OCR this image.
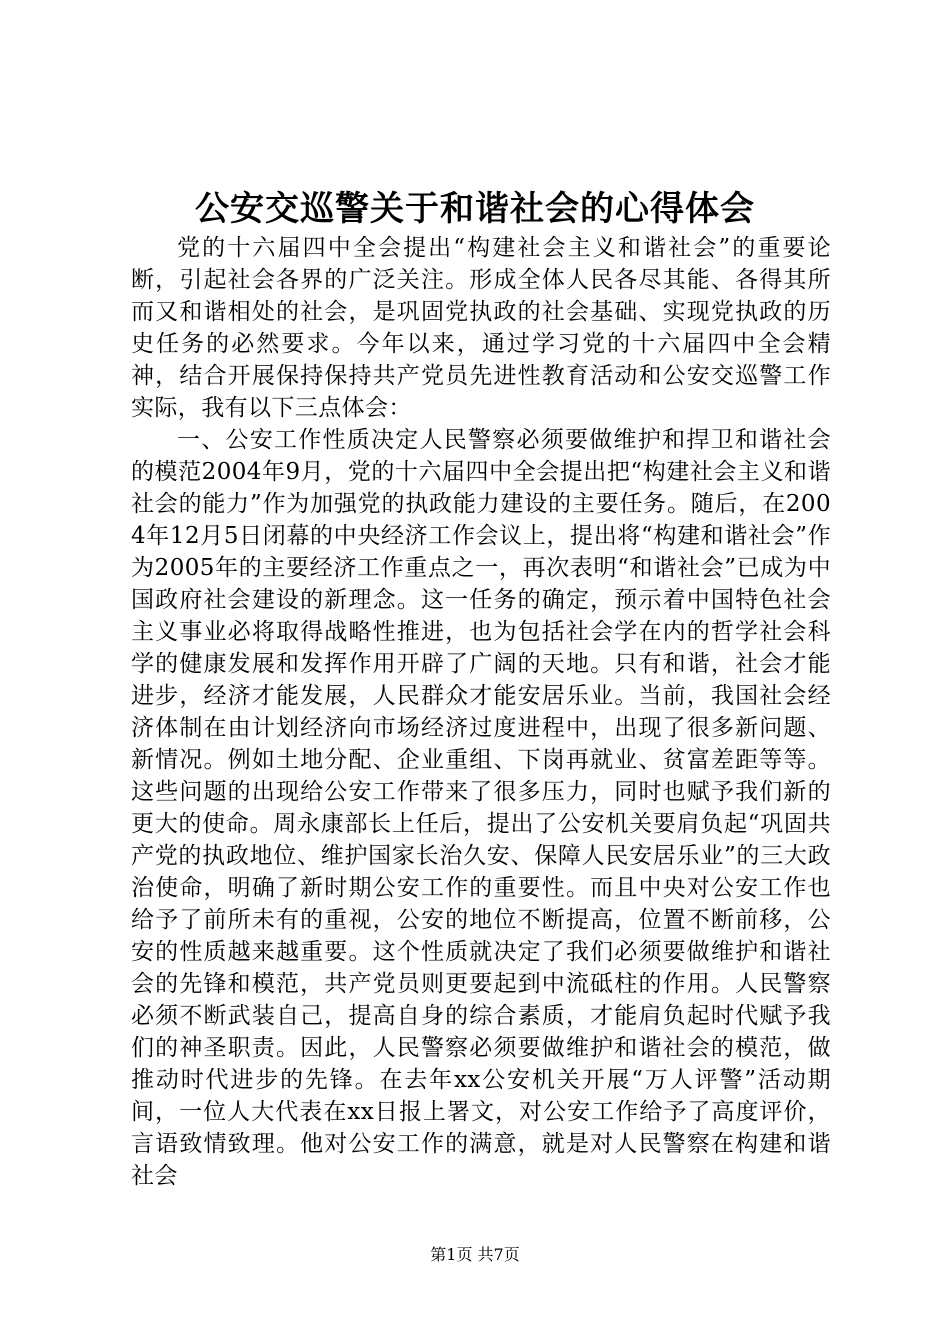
公安交巡警关于和谐社会的心得体会

党的十六届四中全会提出“构建社会主义和谐社会”的重要论断，引起社会各界的广泛关注。形成全体人民各尽其能、各得其所而又和谐相处的社会，是巩固党执政的社会基础、实现党执政的历史任务的必然要求。今年以来，通过学习党的十六届四中全会精神，结合开展保持保持共产党员先进性教育活动和公安交巡警工作实际，我有以下三点体会：

一、公安工作性质决定人民警察必须要做维护和捍卫和谐社会的模范2004年9月，党的十六届四中全会提出把“构建社会主义和谐社会的能力”作为加强党的执政能力建设的主要任务。随后，在2004年12月5日闭幕的中央经济工作会议上，提出将“构建和谐社会”作为2005年的主要经济工作重点之一，再次表明“和谐社会”已成为中国政府社会建设的新理念。这一任务的确定，预示着中国特色社会主义事业必将取得战略性推进，也为包括社会学在内的哲学社会科学的健康发展和发挥作用开辟了广阔的天地。只有和谐，社会才能进步，经济才能发展，人民群众才能安居乐业。当前，我国社会经济体制在由计划经济向市场经济过度进程中，出现了很多新问题、新情况。例如土地分配、企业重组、下岗再就业、贫富差距等等。这些问题的出现给公安工作带来了很多压力，同时也赋予我们新的更大的使命。周永康部长上任后，提出了公安机关要肩负起“巩固共产党的执政地位、维护国家长治久安、保障人民安居乐业”的三大政治使命，明确了新时期公安工作的重要性。而且中央对公安工作也给予了前所未有的重视，公安的地位不断提高，位置不断前移，公安的性质越来越重要。这个性质就决定了我们必须要做维护和谐社会的先锋和模范，共产党员则更要起到中流砥柱的作用。人民警察必须不断武装自己，提高自身的综合素质，才能肩负起时代赋予我们的神圣职责。因此，人民警察必须要做维护和谐社会的模范，做推动时代进步的先锋。在去年xx公安机关开展“万人评警”活动期间，一位人大代表在xx日报上署文，对公安工作给予了高度评价，言语致情致理。他对公安工作的满意，就是对人民警察在构建和谐社会

第1页 共7页
